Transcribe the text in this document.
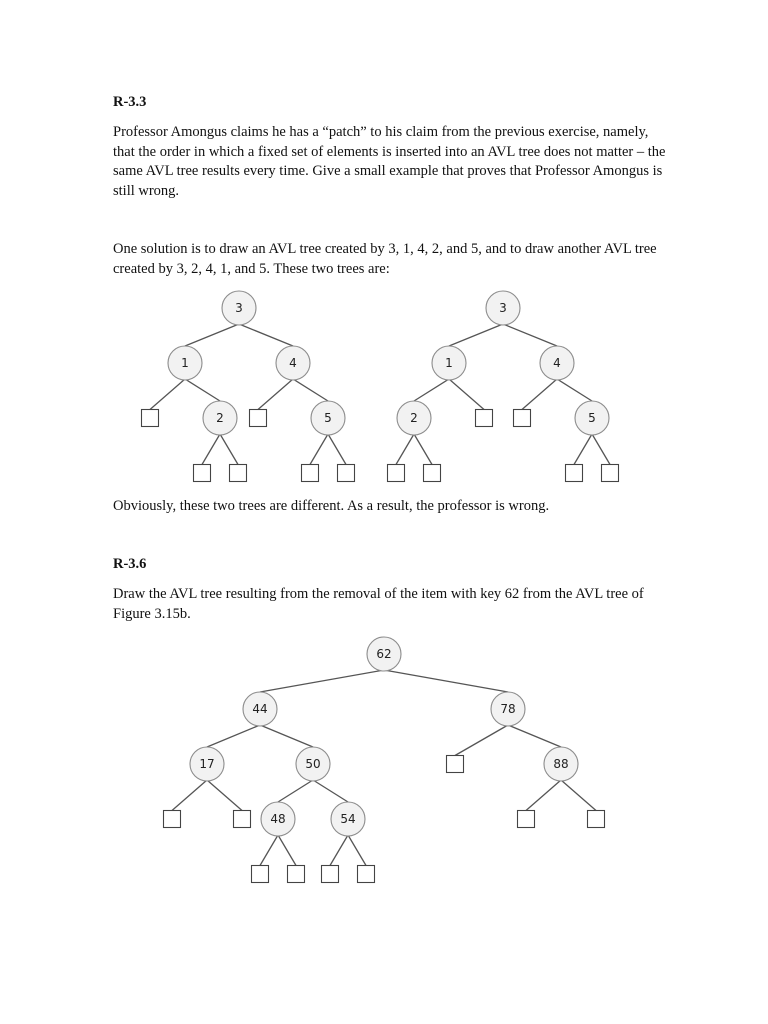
R-3.3

Professor Amongus claims he has a “patch” to his claim from the previous exercise, namely, that the order in which a fixed set of elements is inserted into an AVL tree does not matter – the same AVL tree results every time. Give a small example that proves that Professor Amongus is still wrong.

One solution is to draw an AVL tree created by 3, 1, 4, 2, and 5, and to draw another AVL tree created by 3, 2, 4, 1, and 5. These two trees are:

2
1
5
4
3
2
1
5
4
3
17
48	54
50
44
88
78
62

Obviously, these two trees are different. As a result, the professor is wrong.

R-3.6

Draw the AVL tree resulting from the removal of the item with key 62 from the AVL tree of Figure 3.15b.
